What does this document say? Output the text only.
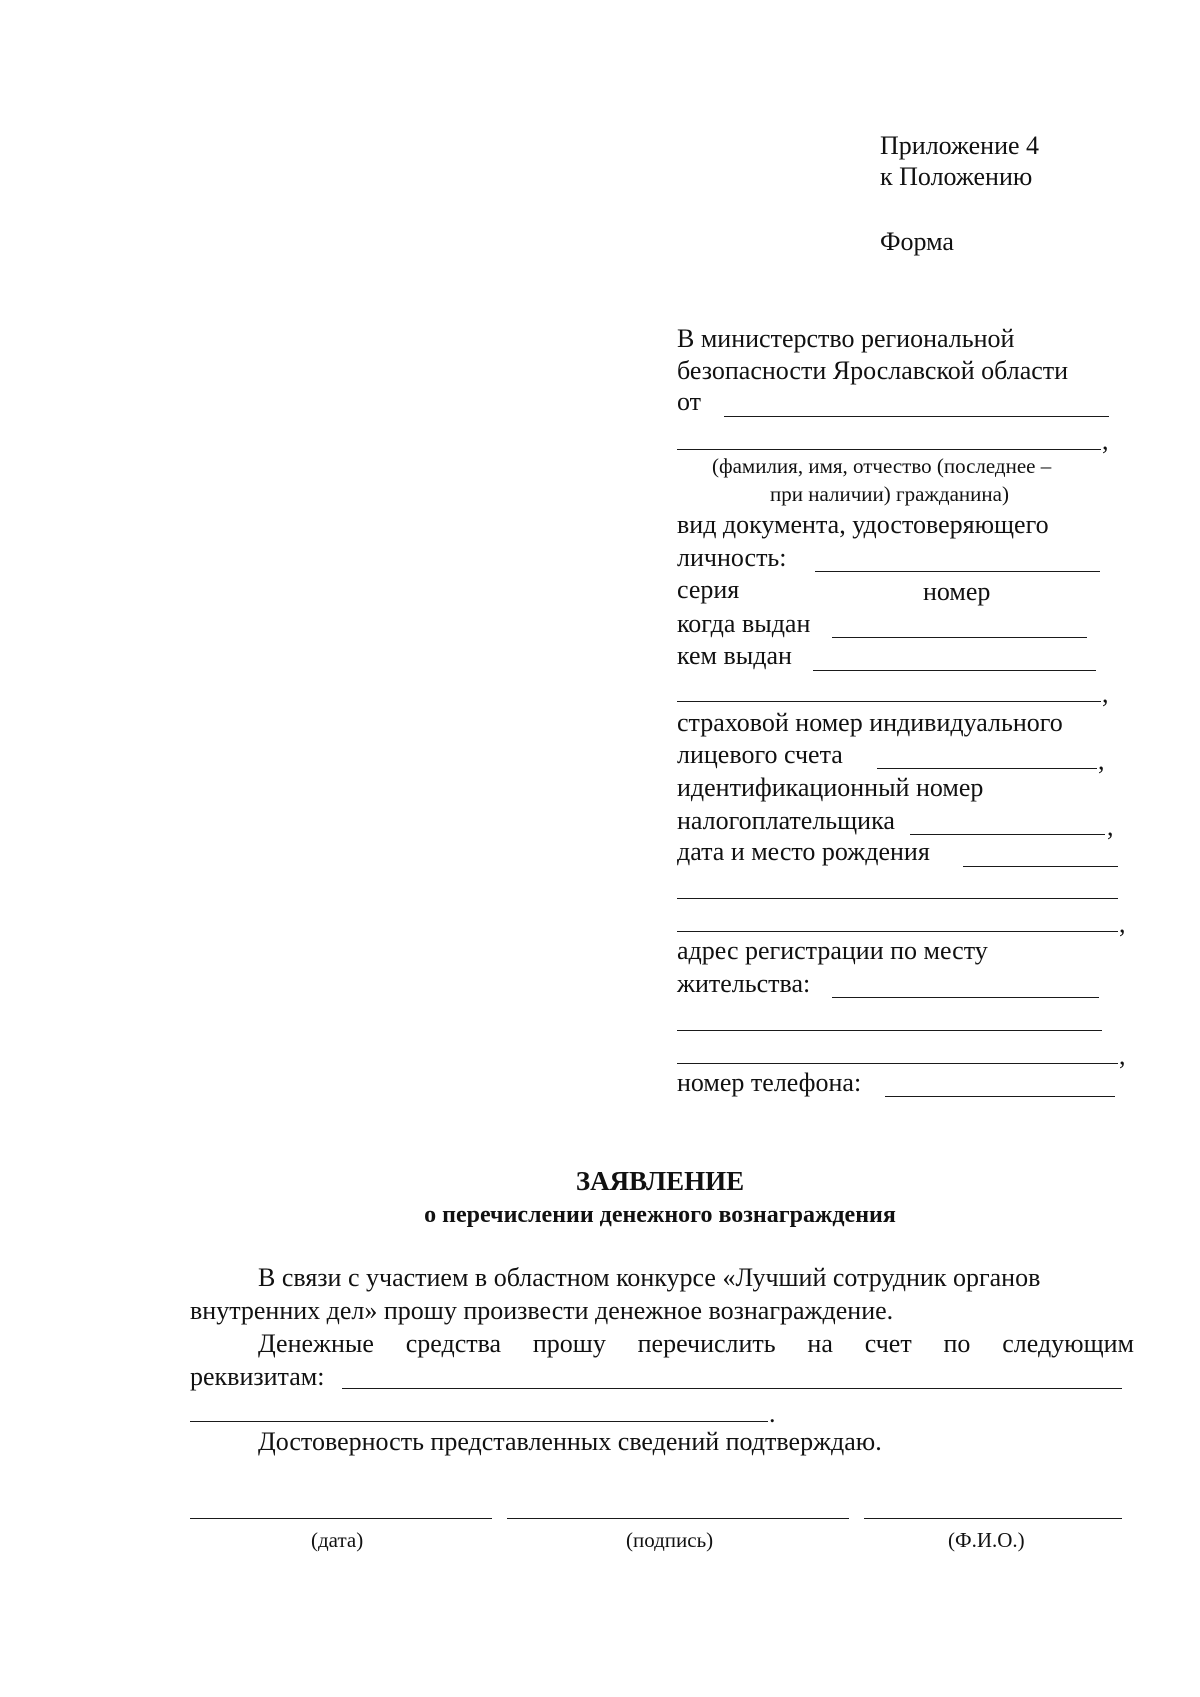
Приложение 4
к Положению
Форма
В министерство региональной
безопасности Ярославской области
от
,
(фамилия, имя, отчество (последнее –
при наличии) гражданина)
вид документа, удостоверяющего
личность:
серия	номер
когда выдан
кем выдан
,
страховой номер индивидуального
лицевого счета	,
идентификационный номер
налогоплательщика	,
дата и место рождения
,
адрес регистрации по месту
жительства:
,
номер телефона:
ЗАЯВЛЕНИЕ
о перечислении денежного вознаграждения
В связи с участием в областном конкурсе «Лучший сотрудник органов
внутренних дел» прошу произвести денежное вознаграждение.
Денежные средства прошу перечислить на счет по следующим
реквизитам:
.
Достоверность представленных сведений подтверждаю.
(дата)	(подпись)	(Ф.И.О.)
